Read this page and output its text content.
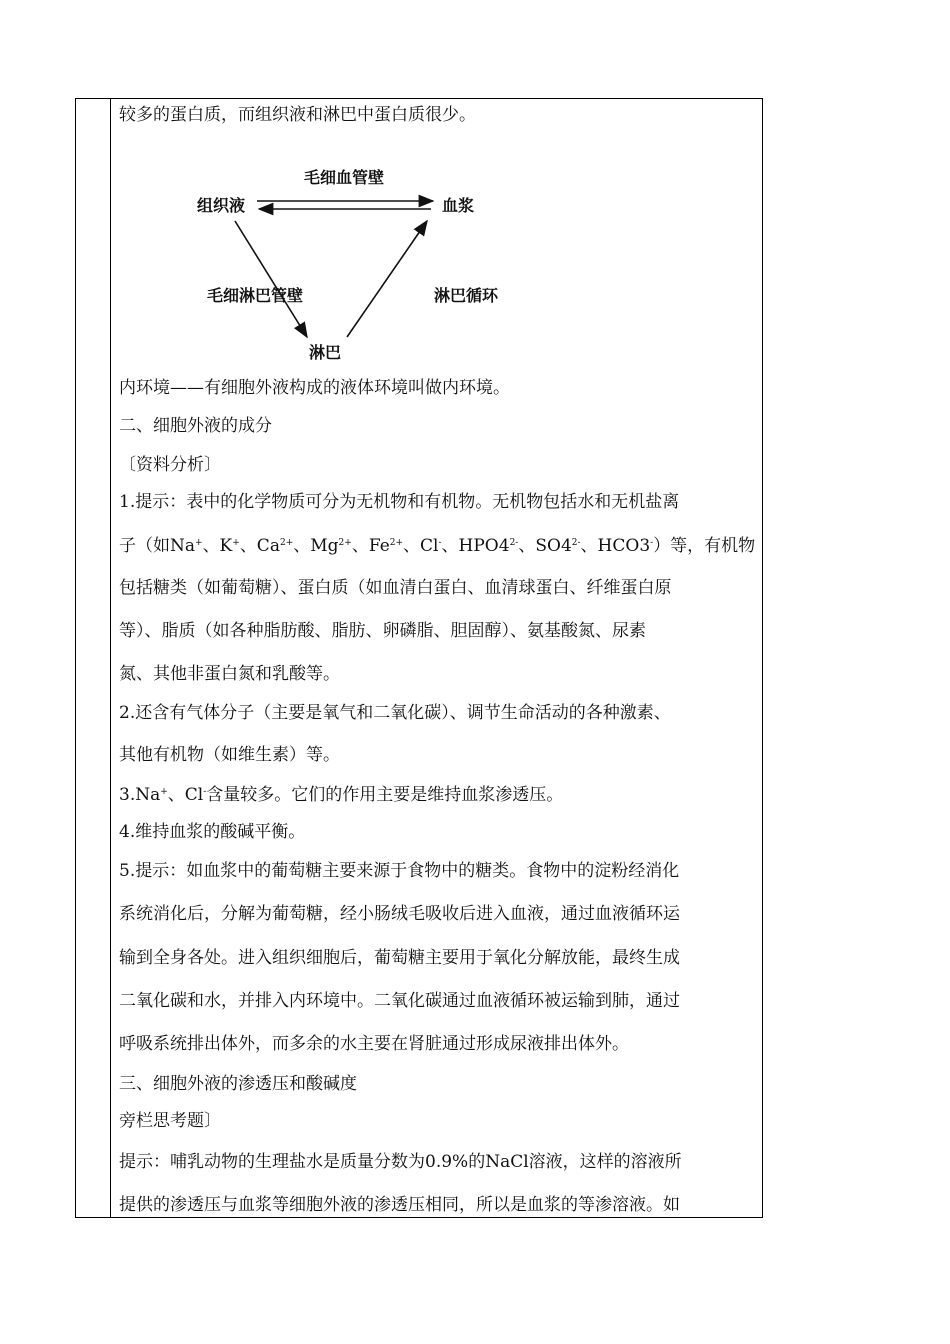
较多的蛋白质，而组织液和淋巴中蛋白质很少。
毛细血管壁
组织液	血浆
毛细淋巴管壁	淋巴循环
淋巴
内环境——有细胞外液构成的液体环境叫做内环境。
二、细胞外液的成分
〔资料分析〕
1.提示：表中的化学物质可分为无机物和有机物。无机物包括水和无机盐离
子（如Na+、K+、$Ca^{2+}$、$Mg^{2+}$、$Fe^{2+}$、Cl-、$HPO4^{2-}$、$SO4^{2-}$、HCO3-）等，有机物
包括糖类（如葡萄糖）、蛋白质（如血清白蛋白、血清球蛋白、纤维蛋白原
等）、脂质（如各种脂肪酸、脂肪、卵磷脂、胆固醇）、氨基酸氮、尿素
氮、其他非蛋白氮和乳酸等。
2.还含有气体分子（主要是氧气和二氧化碳）、调节生命活动的各种激素、
其他有机物（如维生素）等。
3.Na+、Cl-含量较多。它们的作用主要是维持血浆渗透压。
4.维持血浆的酸碱平衡。
5.提示：如血浆中的葡萄糖主要来源于食物中的糖类。食物中的淀粉经消化
系统消化后，分解为葡萄糖，经小肠绒毛吸收后进入血液，通过血液循环运
输到全身各处。进入组织细胞后，葡萄糖主要用于氧化分解放能，最终生成
二氧化碳和水，并排入内环境中。二氧化碳通过血液循环被运输到肺，通过
呼吸系统排出体外，而多余的水主要在肾脏通过形成尿液排出体外。
三、细胞外液的渗透压和酸碱度
旁栏思考题〕
提示：哺乳动物的生理盐水是质量分数为0.9%的NaCl溶液，这样的溶液所
提供的渗透压与血浆等细胞外液的渗透压相同，所以是血浆的等渗溶液。如
